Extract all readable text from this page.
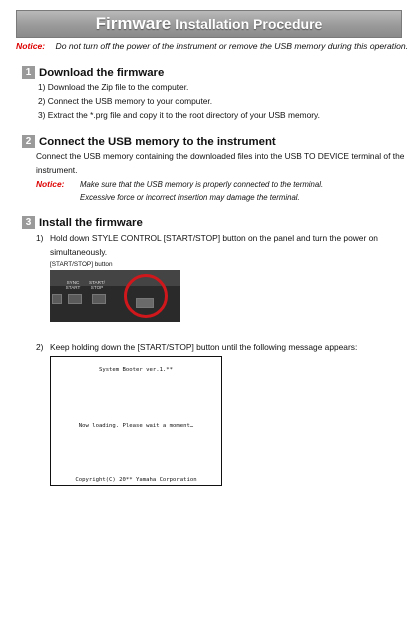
Firmware Installation Procedure
Notice: Do not turn off the power of the instrument or remove the USB memory during this operation.
1 Download the firmware
1) Download the Zip file to the computer.
2) Connect the USB memory to your computer.
3) Extract the *.prg file and copy it to the root directory of your USB memory.
2 Connect the USB memory to the instrument
Connect the USB memory containing the downloaded files into the USB TO DEVICE terminal of the
instrument.
Notice: Make sure that the USB memory is properly connected to the terminal.
Excessive force or incorrect insertion may damage the terminal.
3 Install the firmware
1) Hold down STYLE CONTROL [START/STOP] button on the panel and turn the power on
simultaneously.
[START/STOP] button
SYNC START
START/ STOP
2) Keep holding down the [START/STOP] button until the following message appears:
System Booter ver.1.**
Now loading. Please wait a moment…
Copyright(C) 20** Yamaha Corporation
